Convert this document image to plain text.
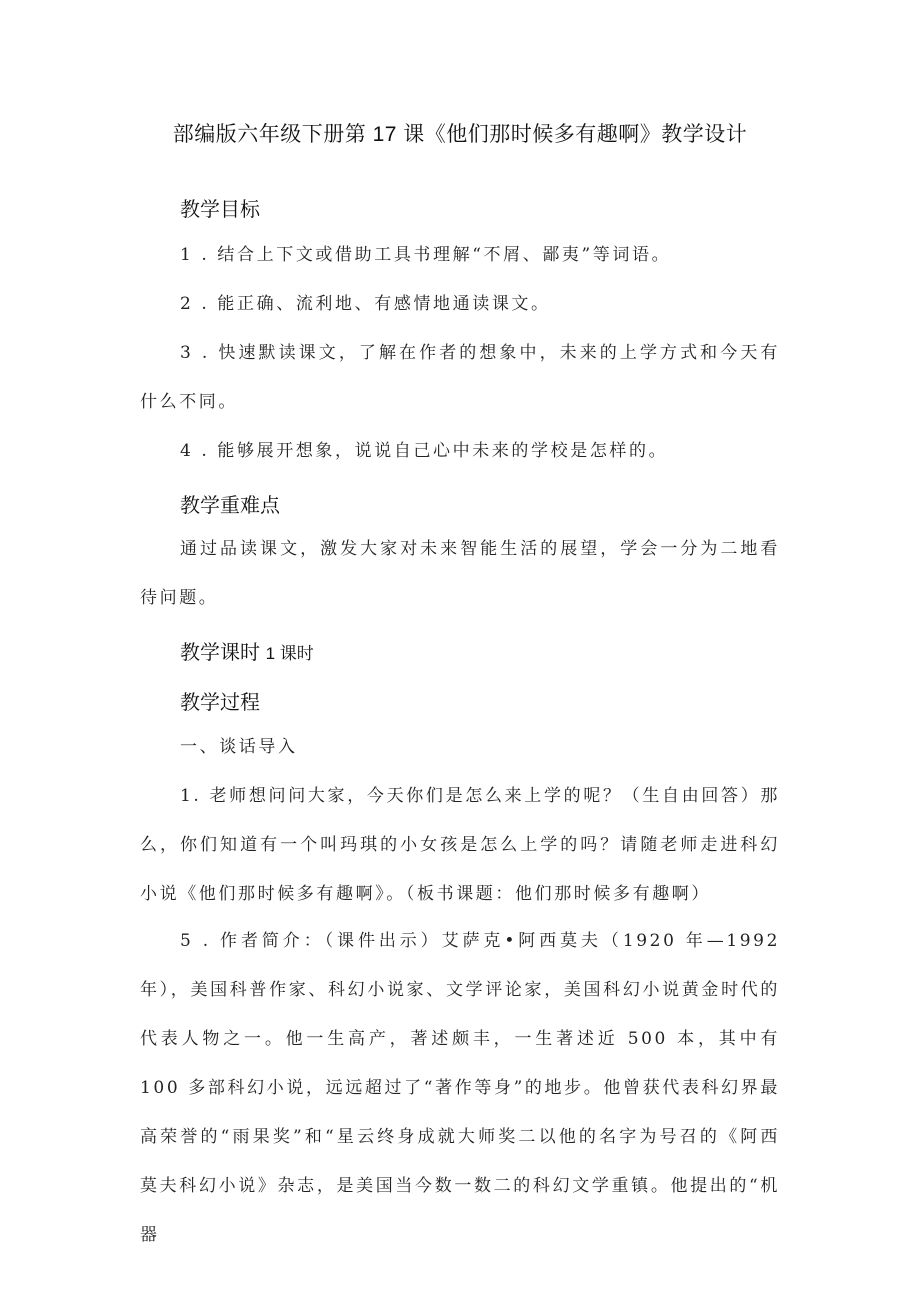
部编版六年级下册第 17 课《他们那时候多有趣啊》教学设计
教学目标
1 . 结合上下文或借助工具书理解“不屑、鄙夷”等词语。
2 . 能正确、流利地、有感情地通读课文。
3 . 快速默读课文，了解在作者的想象中，未来的上学方式和今天有什么不同。
4 . 能够展开想象，说说自己心中未来的学校是怎样的。
教学重难点
通过品读课文，激发大家对未来智能生活的展望，学会一分为二地看待问题。
教学课时 1 课时
教学过程
一、谈话导入
1. 老师想问问大家，今天你们是怎么来上学的呢？（生自由回答）那么，你们知道有一个叫玛琪的小女孩是怎么上学的吗？请随老师走进科幻小说《他们那时候多有趣啊》。（板书课题：他们那时候多有趣啊）
5 . 作者简介：（课件出示）艾萨克•阿西莫夫（1920 年—1992 年），美国科普作家、科幻小说家、文学评论家，美国科幻小说黄金时代的代表人物之一。他一生高产，著述颇丰，一生著述近 500 本，其中有 100 多部科幻小说，远远超过了“著作等身”的地步。他曾获代表科幻界最高荣誉的“雨果奖”和“星云终身成就大师奖二以他的名字为号召的《阿西莫夫科幻小说》杂志，是美国当今数一数二的科幻文学重镇。他提出的“机器
